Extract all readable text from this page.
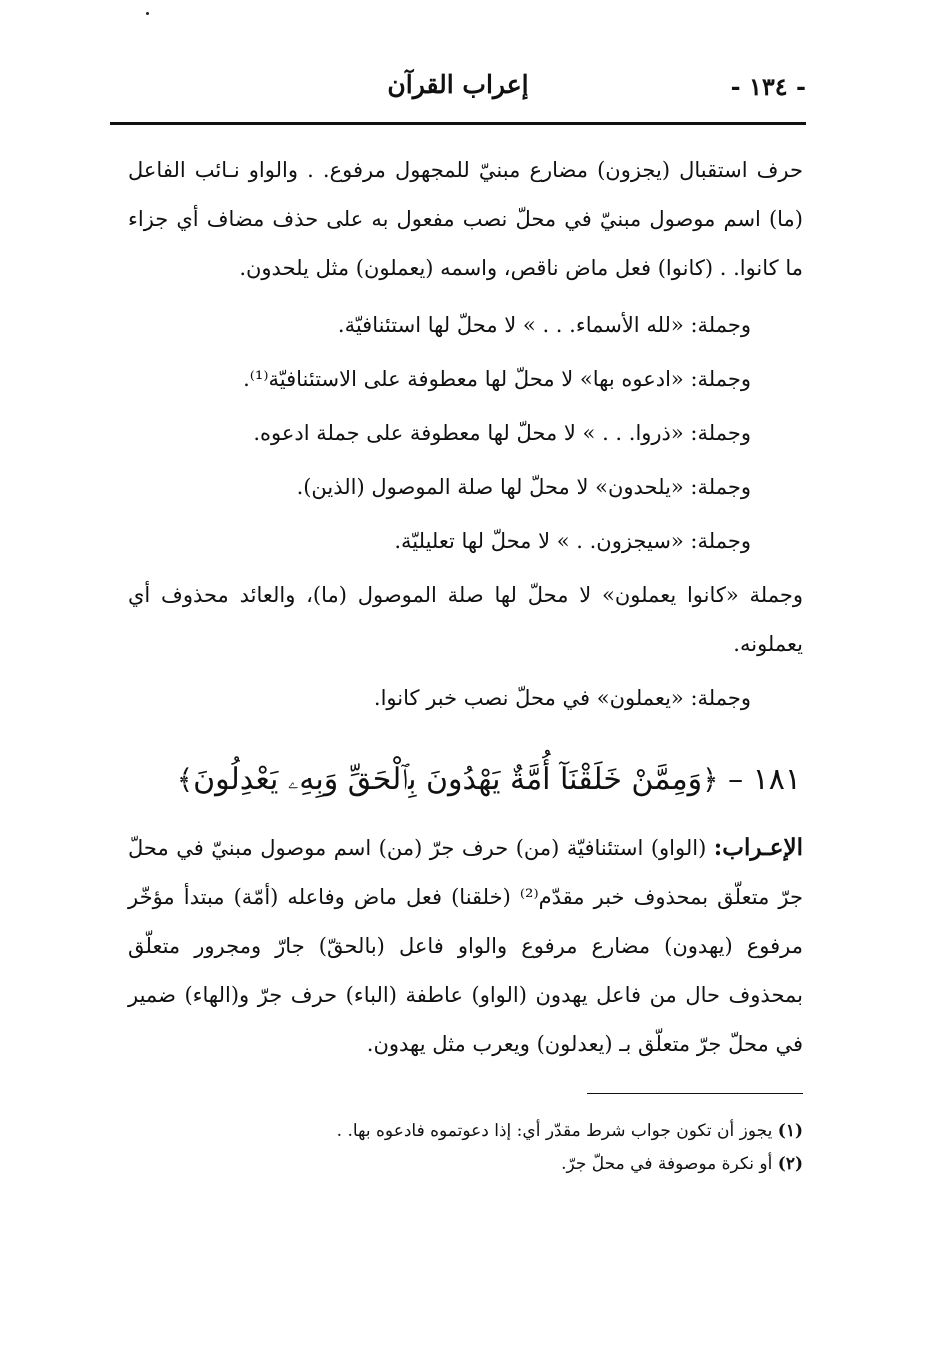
- ١٣٤ -
إعراب القرآن

حرف استقبال (يجزون) مضارع مبنيّ للمجهول مرفوع. . والواو نـائب الفاعل (ما) اسم موصول مبنيّ في محلّ نصب مفعول به على حذف مضاف أي جزاء ما كانوا. . (كانوا) فعل ماض ناقص، واسمه (يعملون) مثل يلحدون.

وجملة: «لله الأسماء. . . » لا محلّ لها استئنافيّة.

وجملة: «ادعوه بها» لا محلّ لها معطوفة على الاستئنافيّة⁽¹⁾.

وجملة: «ذروا. . . » لا محلّ لها معطوفة على جملة ادعوه.

وجملة: «يلحدون» لا محلّ لها صلة الموصول (الذين).

وجملة: «سيجزون. . » لا محلّ لها تعليليّة.

وجملة «كانوا يعملون» لا محلّ لها صلة الموصول (ما)، والعائد محذوف أي يعملونه.

وجملة: «يعملون» في محلّ نصب خبر كانوا.

١٨١ – ﴿وَمِمَّنْ خَلَقْنَآ أُمَّةٌ يَهْدُونَ بِٱلْحَقِّ وَبِهِۦ يَعْدِلُونَ﴾

الإعـراب: (الواو) استئنافيّة (من) حرف جرّ (من) اسم موصول مبنيّ في محلّ جرّ متعلّق بمحذوف خبر مقدّم⁽²⁾ (خلقنا) فعل ماض وفاعله (أمّة) مبتدأ مؤخّر مرفوع (يهدون) مضارع مرفوع والواو فاعل (بالحقّ) جارّ ومجرور متعلّق بمحذوف حال من فاعل يهدون (الواو) عاطفة (الباء) حرف جرّ و(الهاء) ضمير في محلّ جرّ متعلّق بـ (يعدلون) ويعرب مثل يهدون.

(١) يجوز أن تكون جواب شرط مقدّر أي: إذا دعوتموه فادعوه بها. .

(٢) أو نكرة موصوفة في محلّ جرّ.
